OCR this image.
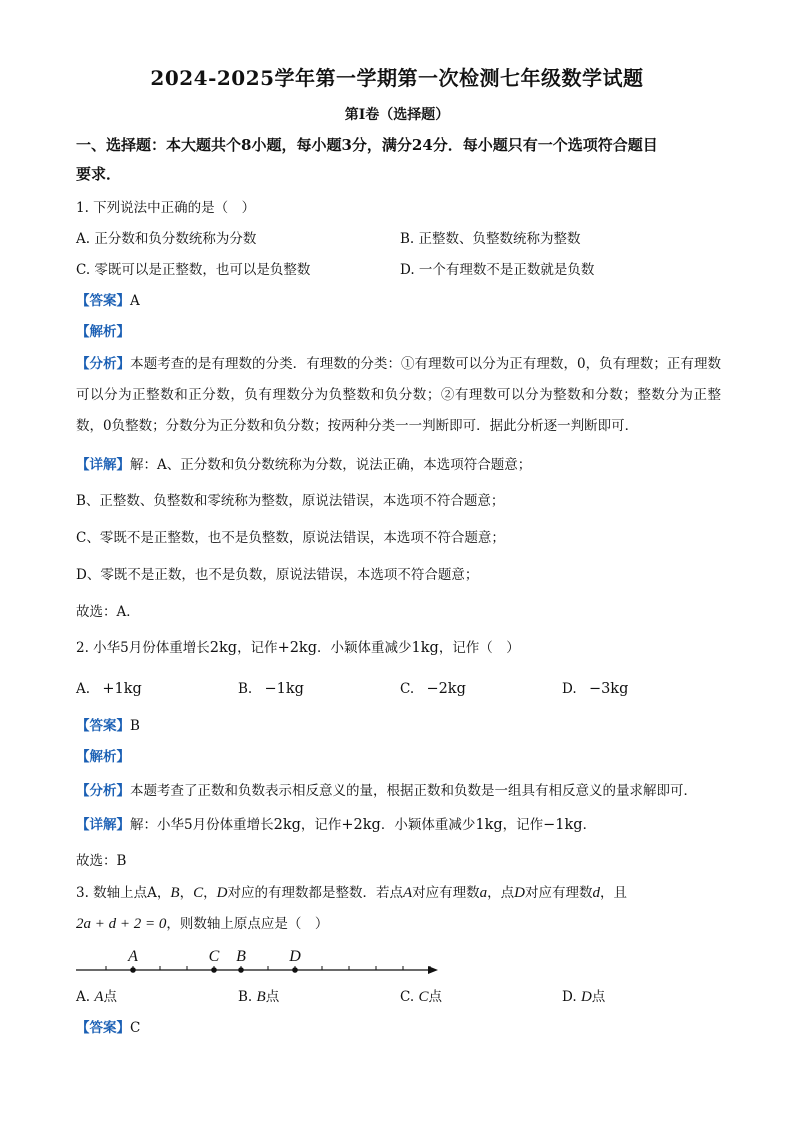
2024-2025学年第一学期第一次检测七年级数学试题
第I卷（选择题）
一、选择题：本大题共个8小题，每小题3分，满分24分．每小题只有一个选项符合题目
要求．
1. 下列说法中正确的是（　）
A. 正分数和负分数统称为分数	B. 正整数、负整数统称为整数
C. 零既可以是正整数，也可以是负整数	D. 一个有理数不是正数就是负数
【答案】A
【解析】
【分析】本题考查的是有理数的分类．有理数的分类：①有理数可以分为正有理数，0，负有理数；正有理数可以分为正整数和正分数，负有理数分为负整数和负分数；②有理数可以分为整数和分数；整数分为正整数，0负整数；分数分为正分数和负分数；按两种分类一一判断即可．据此分析逐一判断即可．
【详解】解：A、正分数和负分数统称为分数，说法正确，本选项符合题意；
B、正整数、负整数和零统称为整数，原说法错误，本选项不符合题意；
C、零既不是正整数，也不是负整数，原说法错误，本选项不符合题意；
D、零既不是正数，也不是负数，原说法错误，本选项不符合题意；
故选：A．
2. 小华5月份体重增长2kg，记作+2kg．小颖体重减少1kg，记作（　）
A. +1kg	B. −1kg	C. −2kg	D. −3kg
【答案】B
【解析】
【分析】本题考查了正数和负数表示相反意义的量，根据正数和负数是一组具有相反意义的量求解即可．
【详解】解：小华5月份体重增长2kg，记作+2kg．小颖体重减少1kg，记作−1kg．
故选：B
3. 数轴上点A，B，C，D对应的有理数都是整数．若点A对应有理数a，点D对应有理数d，且
2a + d + 2 = 0，则数轴上原点应是（　）
A	C B	D
A. A点	B. B点	C. C点	D. D点
【答案】C
